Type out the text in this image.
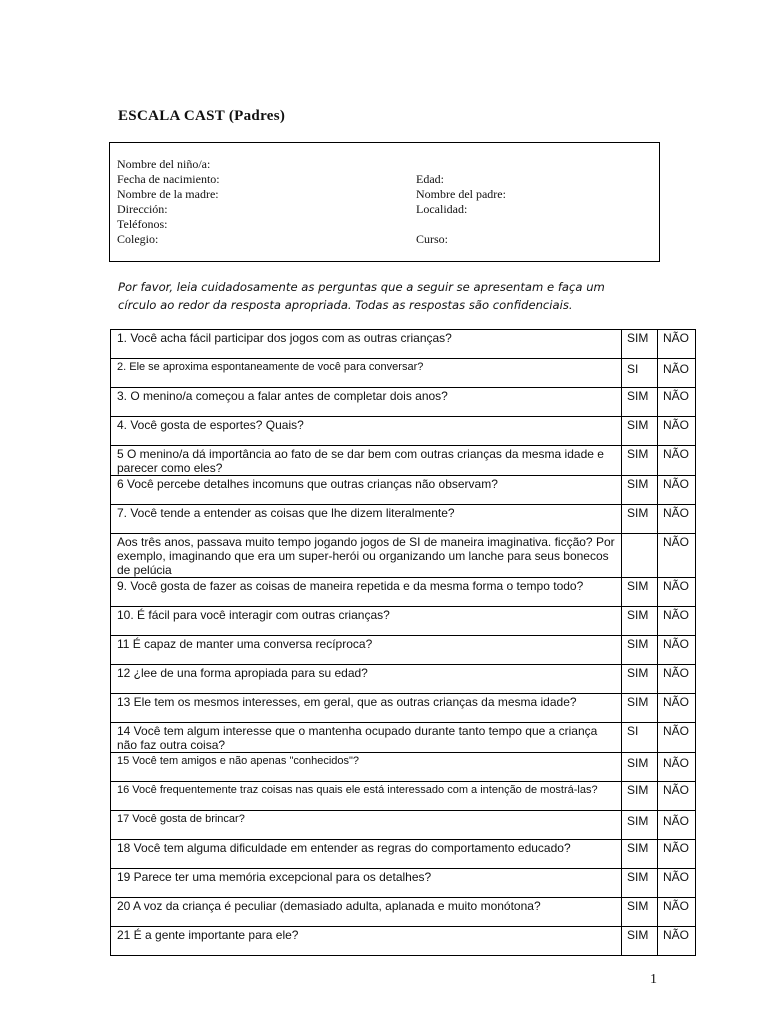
ESCALA CAST (Padres)
Nombre del niño/a:
Fecha de nacimiento:	Edad:
Nombre de la madre:	Nombre del padre:
Dirección:	Localidad:
Teléfonos:
Colegio:	Curso:
Por favor, leia cuidadosamente as perguntas que a seguir se apresentam e faça um círculo ao redor da resposta apropriada. Todas as respostas são confidenciais.
1. Você acha fácil participar dos jogos com as outras crianças?	SIM	NÃO
2. Ele se aproxima espontaneamente de você para conversar?	SI	NÃO
3. O menino/a começou a falar antes de completar dois anos?	SIM	NÃO
4. Você gosta de esportes? Quais?	SIM	NÃO
5 O menino/a dá importância ao fato de se dar bem com outras crianças da mesma idade e parecer como eles?	SIM	NÃO
6 Você percebe detalhes incomuns que outras crianças não observam?	SIM	NÃO
7. Você tende a entender as coisas que lhe dizem literalmente?	SIM	NÃO
Aos três anos, passava muito tempo jogando jogos de SI de maneira imaginativa. ficção? Por exemplo, imaginando que era um super-herói ou organizando um lanche para seus bonecos de pelúcia		NÃO
9. Você gosta de fazer as coisas de maneira repetida e da mesma forma o tempo todo?	SIM	NÃO
10. É fácil para você interagir com outras crianças?	SIM	NÃO
11 É capaz de manter uma conversa recíproca?	SIM	NÃO
12 ¿lee de una forma apropiada para su edad?	SIM	NÃO
13 Ele tem os mesmos interesses, em geral, que as outras crianças da mesma idade?	SIM	NÃO
14 Você tem algum interesse que o mantenha ocupado durante tanto tempo que a criança não faz outra coisa?	SI	NÃO
15 Você tem amigos e não apenas "conhecidos"?	SIM	NÃO
16 Você frequentemente traz coisas nas quais ele está interessado com a intenção de mostrá-las?	SIM	NÃO
17 Você gosta de brincar?	SIM	NÃO
18 Você tem alguma dificuldade em entender as regras do comportamento educado?	SIM	NÃO
19 Parece ter uma memória excepcional para os detalhes?	SIM	NÃO
20 A voz da criança é peculiar (demasiado adulta, aplanada e muito monótona?	SIM	NÃO
21 É a gente importante para ele?	SIM	NÃO
1
